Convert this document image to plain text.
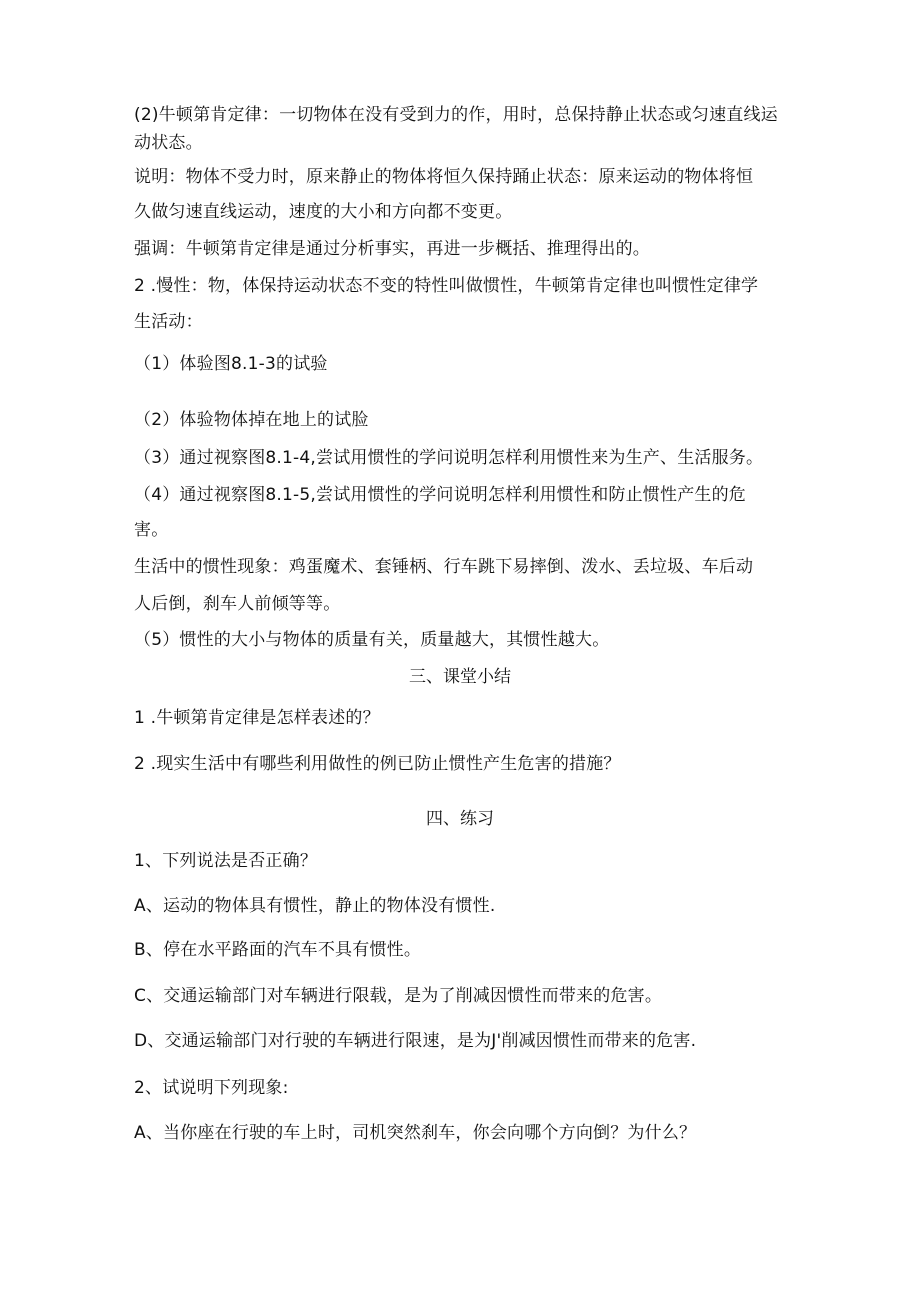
(2)牛顿第肯定律：一切物体在没有受到力的作，用时，总保持静止状态或匀速直线运
动状态。
说明：物体不受力时，原来静止的物体将恒久保持踊止状态：原来运动的物体将恒
久做匀速直线运动，速度的大小和方向都不变更。
强调：牛顿第肯定律是通过分析事实，再进一步概括、推理得出的。
2 .慢性：物，体保持运动状态不变的特性叫做惯性，牛顿第肯定律也叫惯性定律学
生活动：
（1）体验图8.1-3的试验
（2）体验物体掉在地上的试脸
（3）通过视察图8.1-4,尝试用惯性的学问说明怎样利用惯性来为生产、生活服务。
（4）通过视察图8.1-5,尝试用惯性的学问说明怎样利用惯性和防止惯性产生的危
害。
生活中的惯性现象：鸡蛋魔术、套锤柄、行车跳下易摔倒、泼水、丢垃圾、车后动
人后倒，刹车人前倾等等。
（5）惯性的大小与物体的质量有关，质量越大，其惯性越大。
三、课堂小结
1 .牛顿第肯定律是怎样表述的？
2 .现实生活中有哪些利用做性的例已防止惯性产生危害的措施？
四、练习
1、下列说法是否正确？
A、运动的物体具有惯性，静止的物体没有惯性.
B、停在水平路面的汽车不具有惯性。
C、交通运输部门对车辆进行限载，是为了削减因惯性而带来的危害。
D、交通运输部门对行驶的车辆进行限速，是为J'削减因惯性而带来的危害.
2、试说明下列现象:
A、当你座在行驶的车上时，司机突然刹车，你会向哪个方向倒？为什么？
